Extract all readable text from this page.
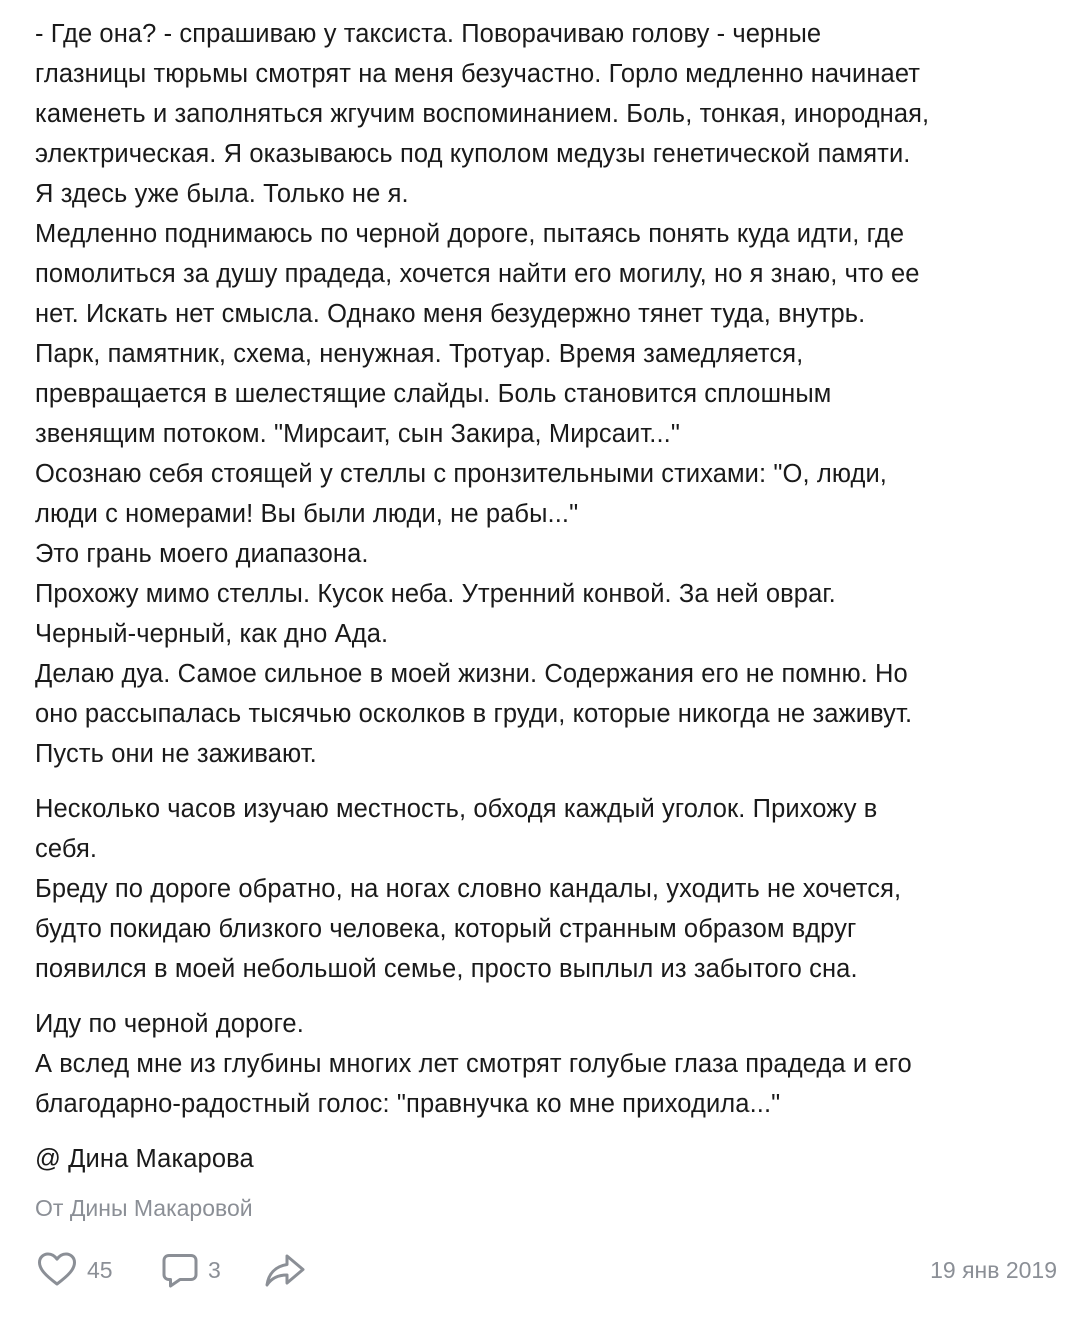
- Где она? - спрашиваю у таксиста. Поворачиваю голову - черные
глазницы тюрьмы смотрят на меня безучастно. Горло медленно начинает
каменеть и заполняться жгучим воспоминанием. Боль, тонкая, инородная,
электрическая. Я оказываюсь под куполом медузы генетической памяти.
Я здесь уже была. Только не я.
Медленно поднимаюсь по черной дороге, пытаясь понять куда идти, где
помолиться за душу прадеда, хочется найти его могилу, но я знаю, что ее
нет. Искать нет смысла. Однако меня безудержно тянет туда, внутрь.
Парк, памятник, схема, ненужная. Тротуар. Время замедляется,
превращается в шелестящие слайды. Боль становится сплошным
звенящим потоком. "Мирсаит, сын Закира, Мирсаит..."
Осознаю себя стоящей у стеллы с пронзительными стихами: "О, люди,
люди с номерами! Вы были люди, не рабы..."
Это грань моего диапазона.
Прохожу мимо стеллы. Кусок неба. Утренний конвой. За ней овраг.
Черный-черный, как дно Ада.
Делаю дуа. Самое сильное в моей жизни. Содержания его не помню. Но
оно рассыпалась тысячью осколков в груди, которые никогда не заживут.
Пусть они не заживают.

Несколько часов изучаю местность, обходя каждый уголок. Прихожу в
себя.
Бреду по дороге обратно, на ногах словно кандалы, уходить не хочется,
будто покидаю близкого человека, который странным образом вдруг
появился в моей небольшой семье, просто выплыл из забытого сна.

Иду по черной дороге.
А вслед мне из глубины многих лет смотрят голубые глаза прадеда и его
благодарно-радостный голос: "правнучка ко мне приходила..."

@ Дина Макарова
От Дины Макаровой
45	3	19 янв 2019
